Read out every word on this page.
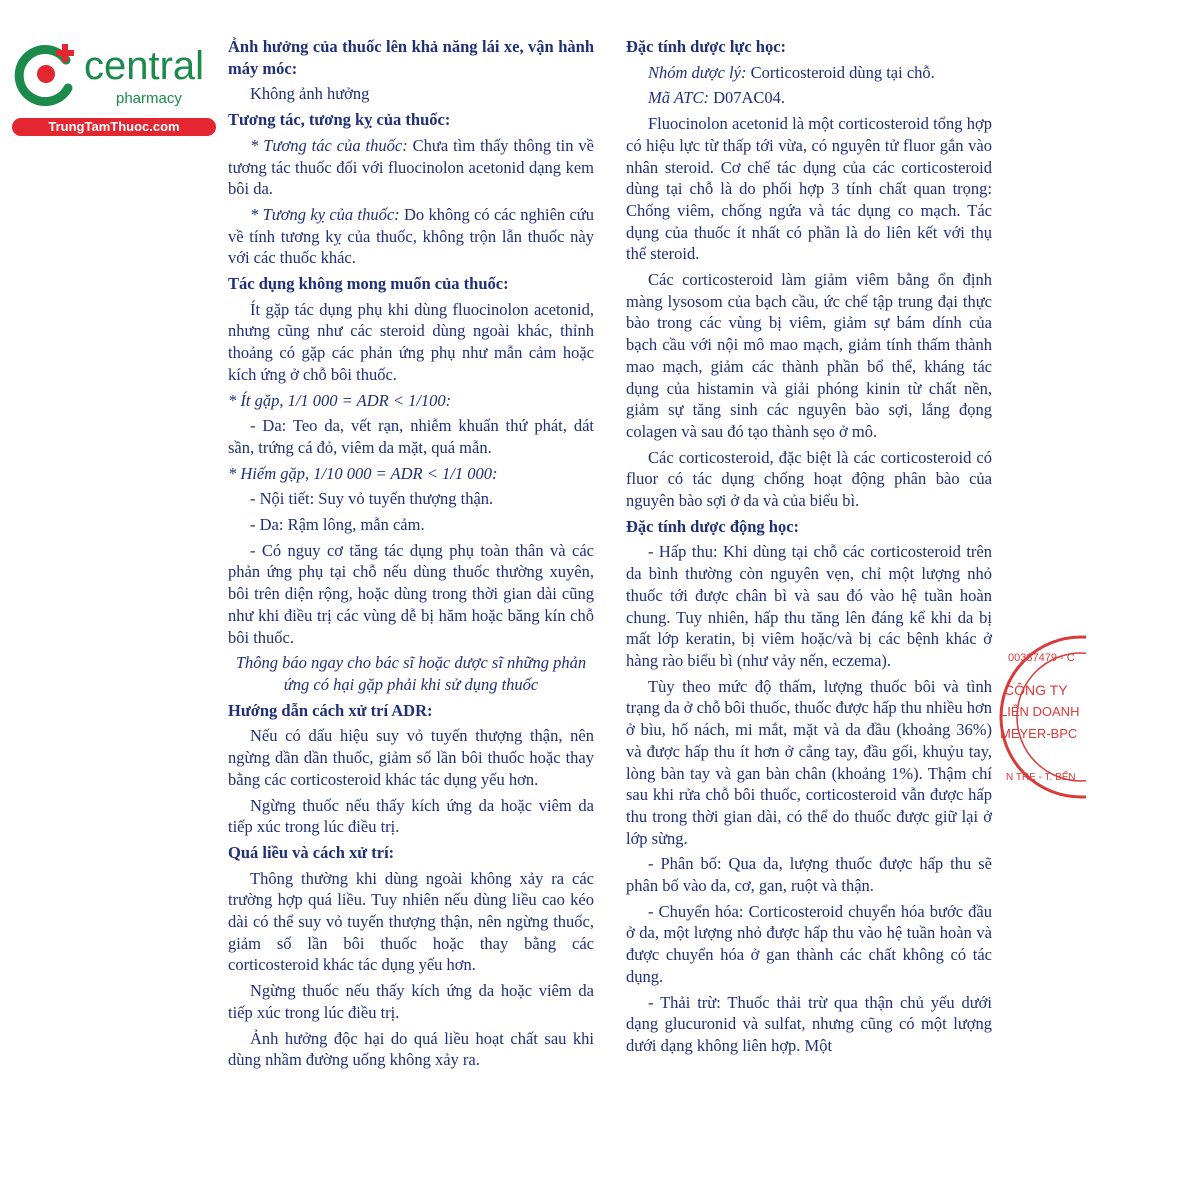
central
pharmacy
TrungTamThuoc.com

Ảnh hưởng của thuốc lên khả năng lái xe, vận hành máy móc:

Không ảnh hưởng

Tương tác, tương kỵ của thuốc:

* Tương tác của thuốc: Chưa tìm thấy thông tin về tương tác thuốc đối với fluocinolon acetonid dạng kem bôi da.

* Tương kỵ của thuốc: Do không có các nghiên cứu về tính tương kỵ của thuốc, không trộn lẫn thuốc này với các thuốc khác.

Tác dụng không mong muốn của thuốc:

Ít gặp tác dụng phụ khi dùng fluocinolon acetonid, nhưng cũng như các steroid dùng ngoài khác, thỉnh thoảng có gặp các phản ứng phụ như mẫn cảm hoặc kích ứng ở chỗ bôi thuốc.

* Ít gặp, 1/1 000 = ADR < 1/100:

- Da: Teo da, vết rạn, nhiễm khuẩn thứ phát, dát sần, trứng cá đỏ, viêm da mặt, quá mẫn.

* Hiếm gặp, 1/10 000 = ADR < 1/1 000:

- Nội tiết: Suy vỏ tuyến thượng thận.

- Da: Rậm lông, mẫn cảm.

- Có nguy cơ tăng tác dụng phụ toàn thân và các phản ứng phụ tại chỗ nếu dùng thuốc thường xuyên, bôi trên diện rộng, hoặc dùng trong thời gian dài cũng như khi điều trị các vùng dễ bị hăm hoặc băng kín chỗ bôi thuốc.

Thông báo ngay cho bác sĩ hoặc dược sĩ những phản ứng có hại gặp phải khi sử dụng thuốc

Hướng dẫn cách xử trí ADR:

Nếu có dấu hiệu suy vỏ tuyến thượng thận, nên ngừng dần dần thuốc, giảm số lần bôi thuốc hoặc thay bằng các corticosteroid khác tác dụng yếu hơn.

Ngừng thuốc nếu thấy kích ứng da hoặc viêm da tiếp xúc trong lúc điều trị.

Quá liều và cách xử trí:

Thông thường khi dùng ngoài không xảy ra các trường hợp quá liều. Tuy nhiên nếu dùng liều cao kéo dài có thể suy vỏ tuyến thượng thận, nên ngừng thuốc, giảm số lần bôi thuốc hoặc thay bằng các corticosteroid khác tác dụng yếu hơn.

Ngừng thuốc nếu thấy kích ứng da hoặc viêm da tiếp xúc trong lúc điều trị.

Ảnh hưởng độc hại do quá liều hoạt chất sau khi dùng nhầm đường uống không xảy ra.

Đặc tính dược lực học:

Nhóm dược lý: Corticosteroid dùng tại chỗ.

Mã ATC: D07AC04.

Fluocinolon acetonid là một corticosteroid tổng hợp có hiệu lực từ thấp tới vừa, có nguyên tử fluor gắn vào nhân steroid. Cơ chế tác dụng của các corticosteroid dùng tại chỗ là do phối hợp 3 tính chất quan trọng: Chống viêm, chống ngứa và tác dụng co mạch. Tác dụng của thuốc ít nhất có phần là do liên kết với thụ thể steroid.

Các corticosteroid làm giảm viêm bằng ổn định màng lysosom của bạch cầu, ức chế tập trung đại thực bào trong các vùng bị viêm, giảm sự bám dính của bạch cầu với nội mô mao mạch, giảm tính thấm thành mao mạch, giảm các thành phần bổ thể, kháng tác dụng của histamin và giải phóng kinin từ chất nền, giảm sự tăng sinh các nguyên bào sợi, lắng đọng colagen và sau đó tạo thành sẹo ở mô.

Các corticosteroid, đặc biệt là các corticosteroid có fluor có tác dụng chống hoạt động phân bào của nguyên bào sợi ở da và của biểu bì.

Đặc tính dược động học:

- Hấp thu: Khi dùng tại chỗ các corticosteroid trên da bình thường còn nguyên vẹn, chỉ một lượng nhỏ thuốc tới được chân bì và sau đó vào hệ tuần hoàn chung. Tuy nhiên, hấp thu tăng lên đáng kể khi da bị mất lớp keratin, bị viêm hoặc/và bị các bệnh khác ở hàng rào biểu bì (như vảy nến, eczema).

Tùy theo mức độ thấm, lượng thuốc bôi và tình trạng da ở chỗ bôi thuốc, thuốc được hấp thu nhiều hơn ở bìu, hố nách, mi mắt, mặt và da đầu (khoảng 36%) và được hấp thu ít hơn ở cẳng tay, đầu gối, khuỷu tay, lòng bàn tay và gan bàn chân (khoảng 1%). Thậm chí sau khi rửa chỗ bôi thuốc, corticosteroid vẫn được hấp thu trong thời gian dài, có thể do thuốc được giữ lại ở lớp sừng.

- Phân bố: Qua da, lượng thuốc được hấp thu sẽ phân bố vào da, cơ, gan, ruột và thận.

- Chuyển hóa: Corticosteroid chuyển hóa bước đầu ở da, một lượng nhỏ được hấp thu vào hệ tuần hoàn và được chuyển hóa ở gan thành các chất không có tác dụng.

- Thải trừ: Thuốc thải trừ qua thận chủ yếu dưới dạng glucuronid và sulfat, nhưng cũng có một lượng dưới dạng không liên hợp. Một

00337479 - C
CÔNG TY
LIÊN DOANH
MEYER-BPC
N TRE - T. BẾN
